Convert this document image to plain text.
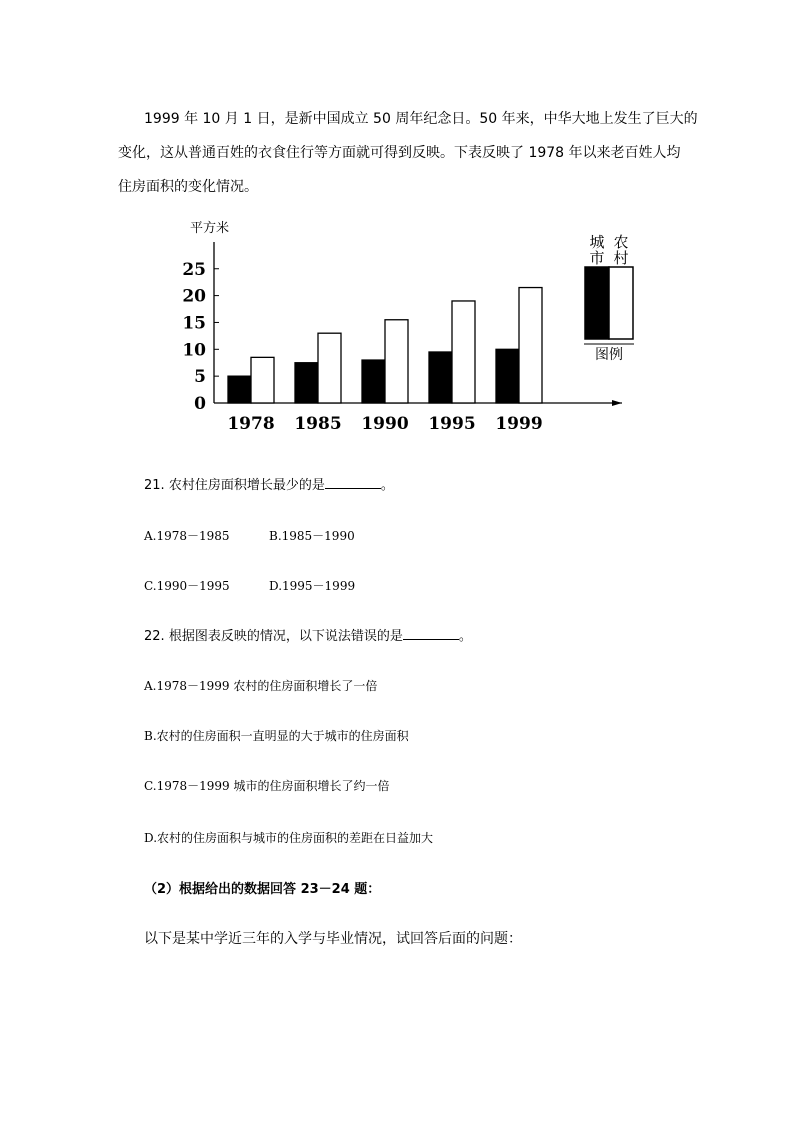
1999 年 10 月 1 日，是新中国成立 50 周年纪念日。50 年来，中华大地上发生了巨大的
变化，这从普通百姓的衣食住行等方面就可得到反映。下表反映了 1978 年以来老百姓人均
住房面积的变化情况。
平方米
0
5
10
15
20
25
1978 1985 1990 1995 1999
城
市
农
村
图例
21. 农村住房面积增长最少的是	。
A.1978－1985	B.1985－1990
C.1990－1995	D.1995－1999
22. 根据图表反映的情况，以下说法错误的是	。
A.1978－1999 农村的住房面积增长了一倍
B.农村的住房面积一直明显的大于城市的住房面积
C.1978－1999 城市的住房面积增长了约一倍
D.农村的住房面积与城市的住房面积的差距在日益加大
（2）根据给出的数据回答 23－24 题：
以下是某中学近三年的入学与毕业情况，试回答后面的问题：
